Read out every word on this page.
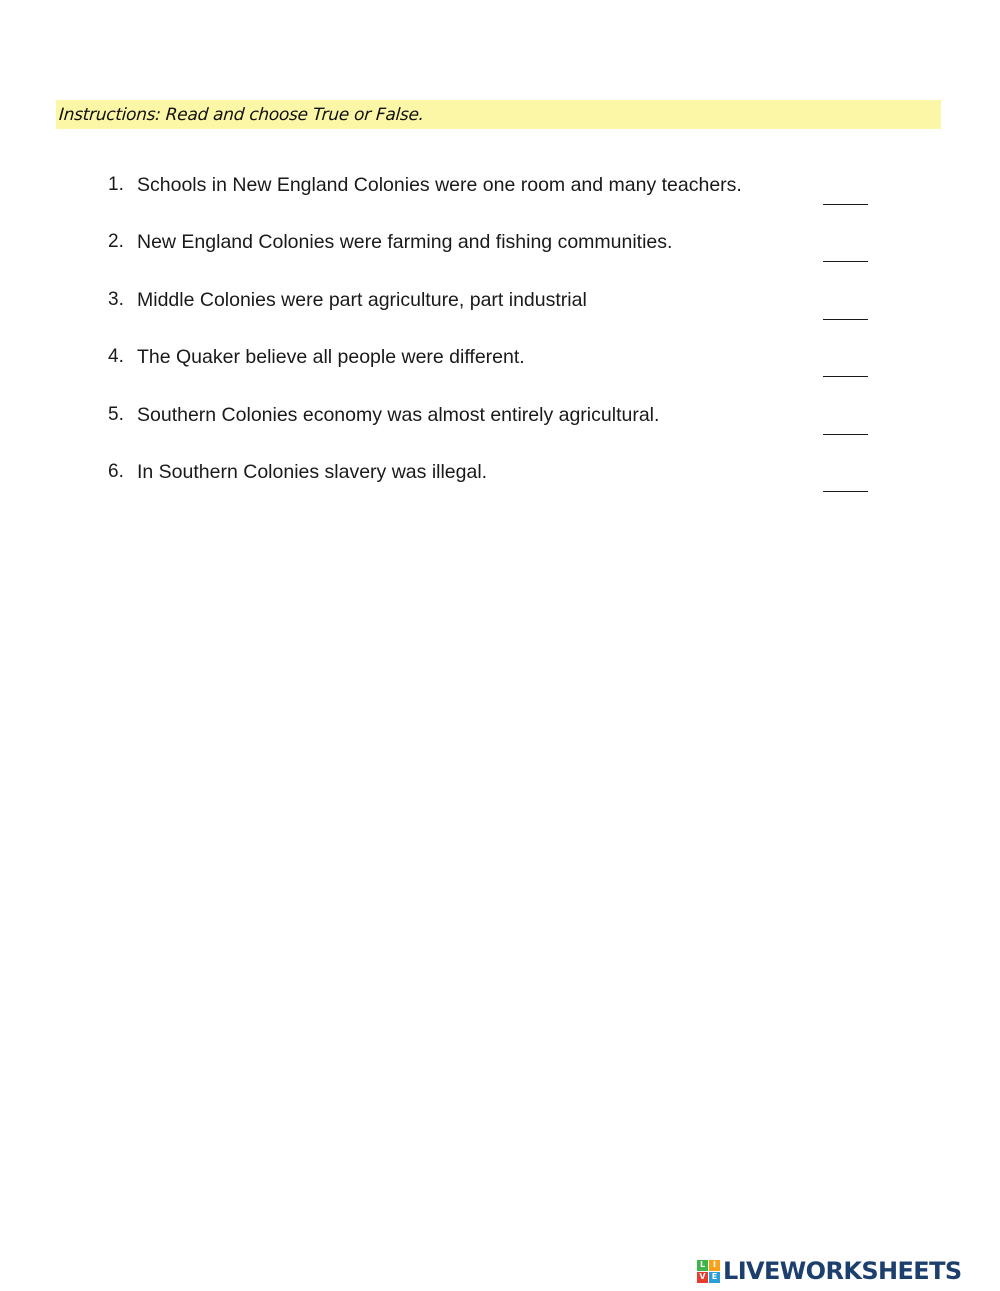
Instructions: Read and choose True or False.
1. Schools in New England Colonies were one room and many teachers.
2. New England Colonies were farming and fishing communities.
3. Middle Colonies were part agriculture, part industrial
4. The Quaker believe all people were different.
5. Southern Colonies economy was almost entirely agricultural.
6. In Southern Colonies slavery was illegal.
L I
V E LIVEWORKSHEETS
